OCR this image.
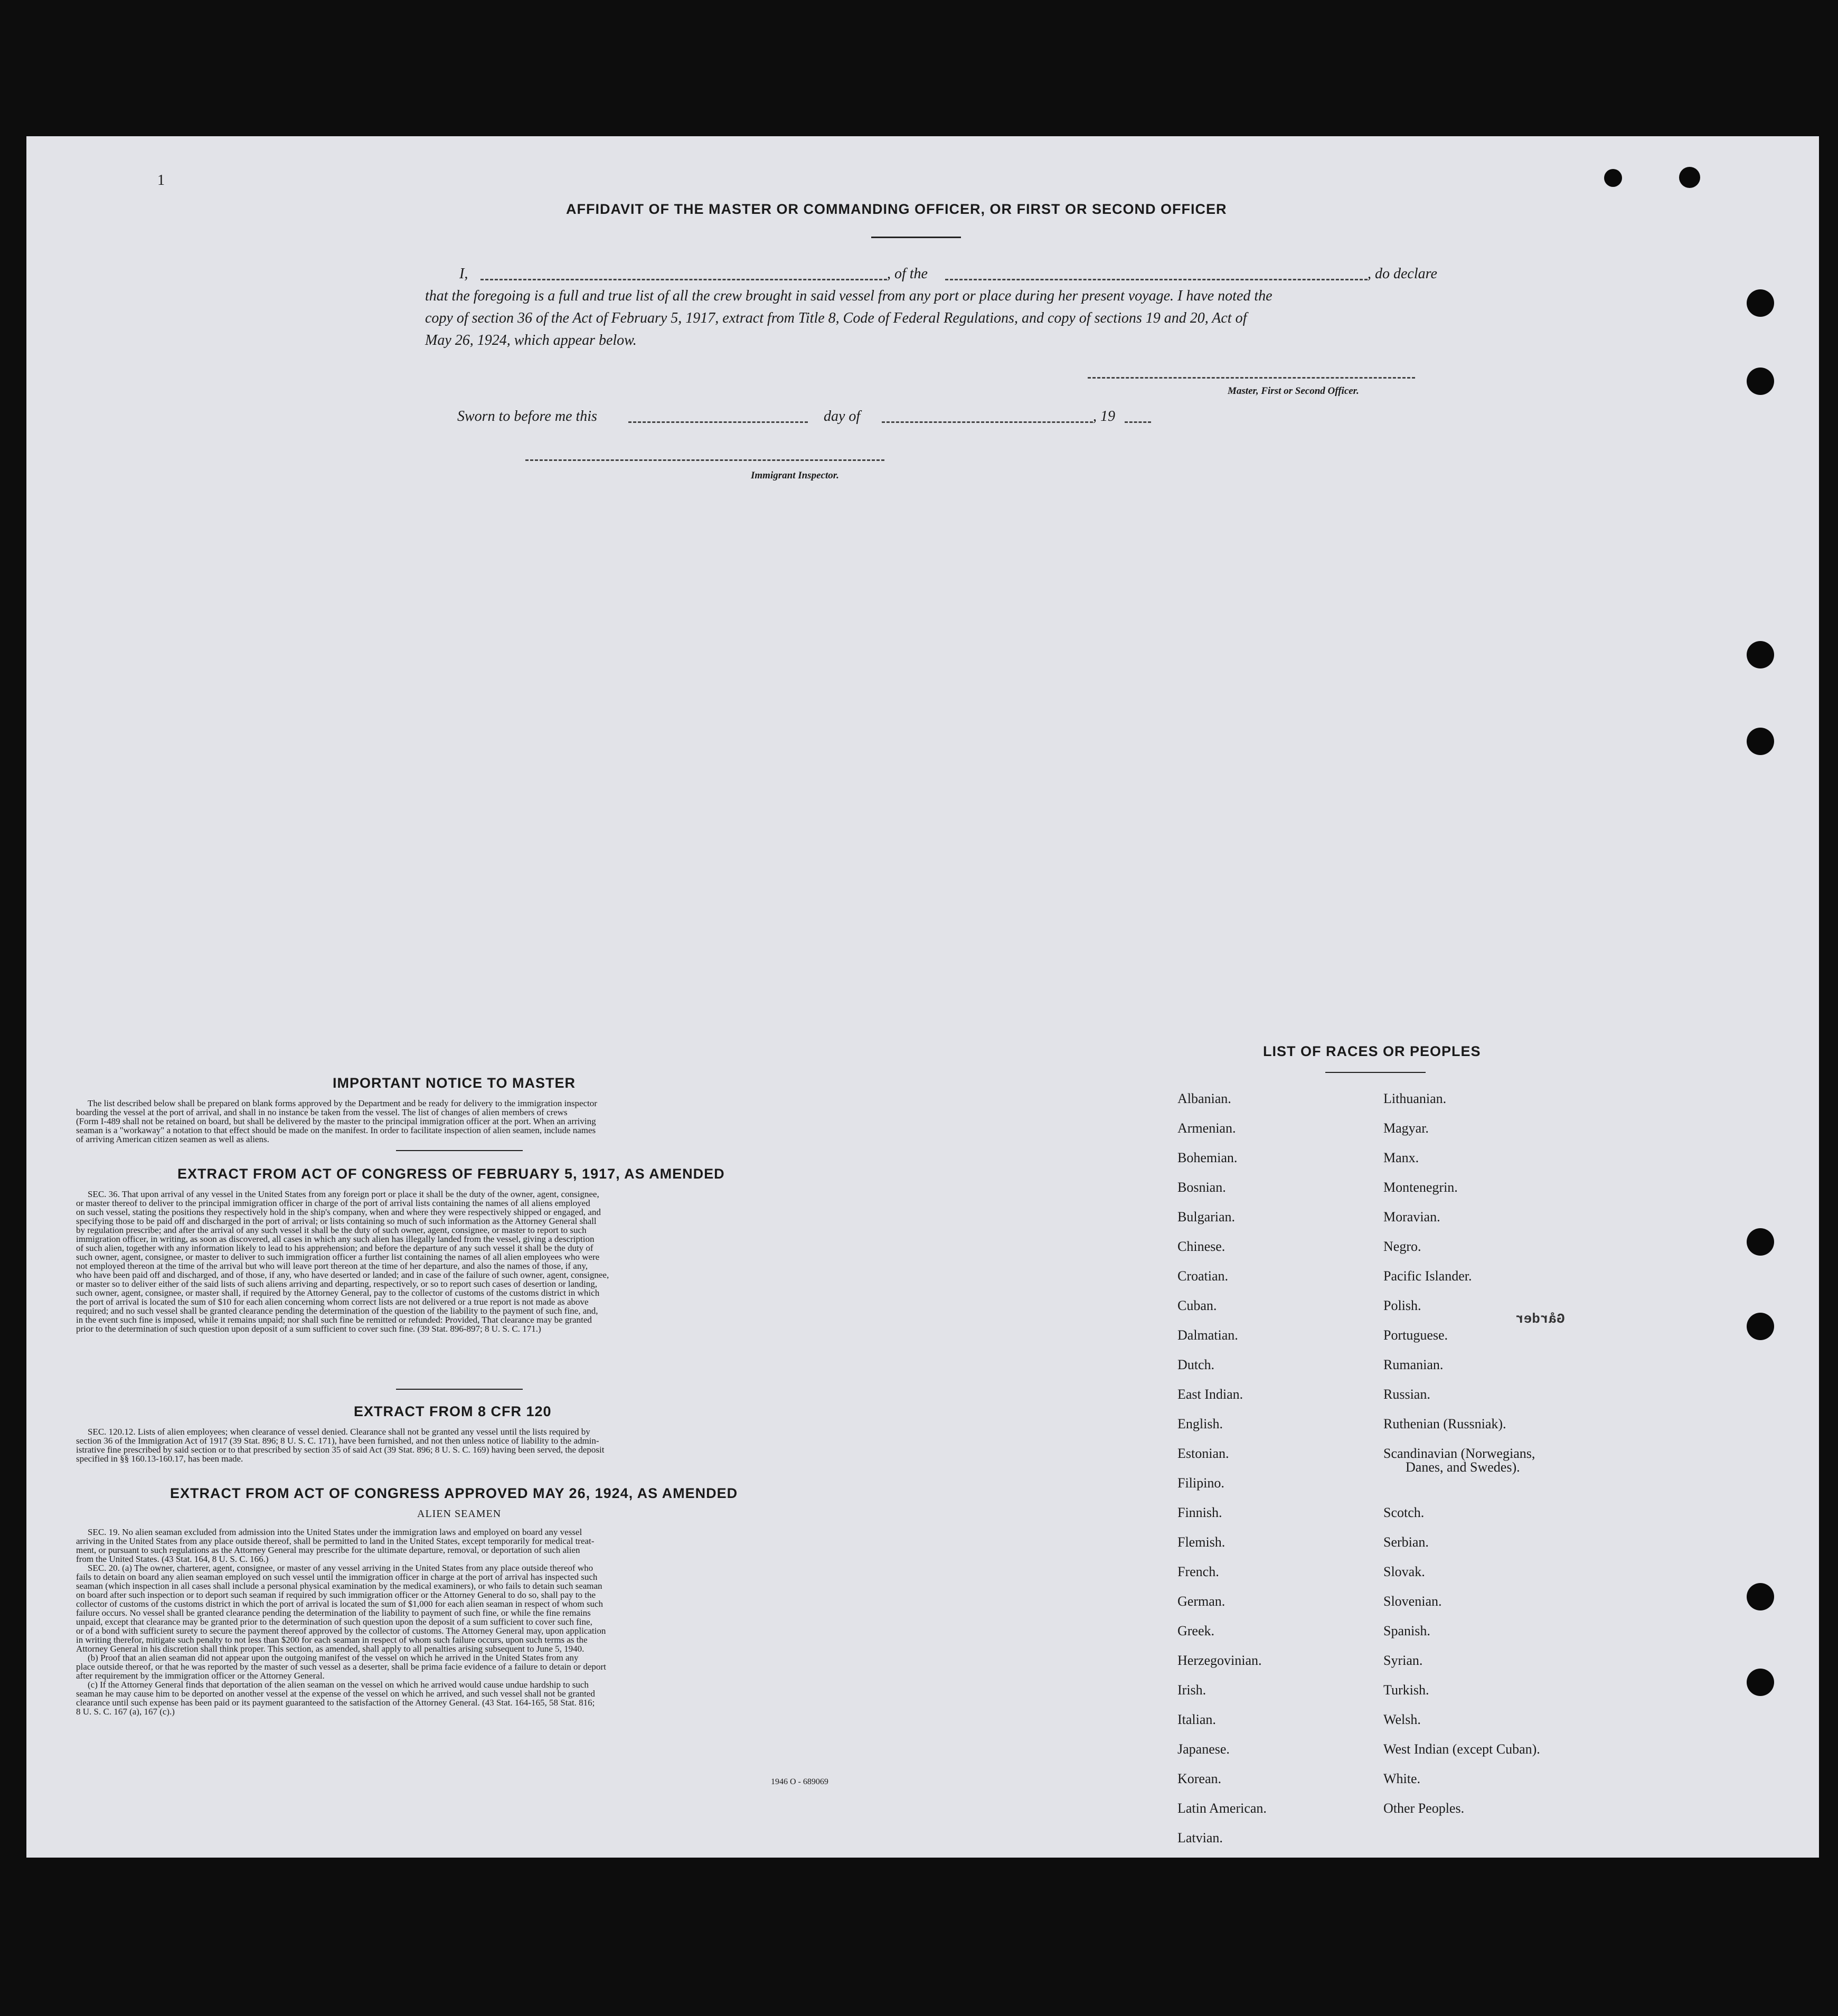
Gårder
1
AFFIDAVIT OF THE MASTER OR COMMANDING OFFICER, OR FIRST OR SECOND OFFICER
I,	, of the	, do declare
that the foregoing is a full and true list of all the crew brought in said vessel from any port or place during her present voyage. I have noted the
copy of section 36 of the Act of February 5, 1917, extract from Title 8, Code of Federal Regulations, and copy of sections 19 and 20, Act of
May 26, 1924, which appear below.
Master, First or Second Officer.
Sworn to before me this	day of	, 19
Immigrant Inspector.
IMPORTANT NOTICE TO MASTER
The list described below shall be prepared on blank forms approved by the Department and be ready for delivery to the immigration inspector
boarding the vessel at the port of arrival, and shall in no instance be taken from the vessel. The list of changes of alien members of crews
(Form I-489 shall not be retained on board, but shall be delivered by the master to the principal immigration officer at the port. When an arriving
seaman is a "workaway" a notation to that effect should be made on the manifest. In order to facilitate inspection of alien seamen, include names
of arriving American citizen seamen as well as aliens.
EXTRACT FROM ACT OF CONGRESS OF FEBRUARY 5, 1917, AS AMENDED
SEC. 36. That upon arrival of any vessel in the United States from any foreign port or place it shall be the duty of the owner, agent, consignee,
or master thereof to deliver to the principal immigration officer in charge of the port of arrival lists containing the names of all aliens employed
on such vessel, stating the positions they respectively hold in the ship's company, when and where they were respectively shipped or engaged, and
specifying those to be paid off and discharged in the port of arrival; or lists containing so much of such information as the Attorney General shall
by regulation prescribe; and after the arrival of any such vessel it shall be the duty of such owner, agent, consignee, or master to report to such
immigration officer, in writing, as soon as discovered, all cases in which any such alien has illegally landed from the vessel, giving a description
of such alien, together with any information likely to lead to his apprehension; and before the departure of any such vessel it shall be the duty of
such owner, agent, consignee, or master to deliver to such immigration officer a further list containing the names of all alien employees who were
not employed thereon at the time of the arrival but who will leave port thereon at the time of her departure, and also the names of those, if any,
who have been paid off and discharged, and of those, if any, who have deserted or landed; and in case of the failure of such owner, agent, consignee,
or master so to deliver either of the said lists of such aliens arriving and departing, respectively, or so to report such cases of desertion or landing,
such owner, agent, consignee, or master shall, if required by the Attorney General, pay to the collector of customs of the customs district in which
the port of arrival is located the sum of $10 for each alien concerning whom correct lists are not delivered or a true report is not made as above
required; and no such vessel shall be granted clearance pending the determination of the question of the liability to the payment of such fine, and,
in the event such fine is imposed, while it remains unpaid; nor shall such fine be remitted or refunded: Provided, That clearance may be granted
prior to the determination of such question upon deposit of a sum sufficient to cover such fine. (39 Stat. 896-897; 8 U. S. C. 171.)
EXTRACT FROM 8 CFR 120
SEC. 120.12. Lists of alien employees; when clearance of vessel denied. Clearance shall not be granted any vessel until the lists required by
section 36 of the Immigration Act of 1917 (39 Stat. 896; 8 U. S. C. 171), have been furnished, and not then unless notice of liability to the admin-
istrative fine prescribed by said section or to that prescribed by section 35 of said Act (39 Stat. 896; 8 U. S. C. 169) having been served, the deposit
specified in §§ 160.13-160.17, has been made.
EXTRACT FROM ACT OF CONGRESS APPROVED MAY 26, 1924, AS AMENDED
ALIEN SEAMEN
SEC. 19. No alien seaman excluded from admission into the United States under the immigration laws and employed on board any vessel
arriving in the United States from any place outside thereof, shall be permitted to land in the United States, except temporarily for medical treat-
ment, or pursuant to such regulations as the Attorney General may prescribe for the ultimate departure, removal, or deportation of such alien
from the United States. (43 Stat. 164, 8 U. S. C. 166.)
SEC. 20. (a) The owner, charterer, agent, consignee, or master of any vessel arriving in the United States from any place outside thereof who
fails to detain on board any alien seaman employed on such vessel until the immigration officer in charge at the port of arrival has inspected such
seaman (which inspection in all cases shall include a personal physical examination by the medical examiners), or who fails to detain such seaman
on board after such inspection or to deport such seaman if required by such immigration officer or the Attorney General to do so, shall pay to the
collector of customs of the customs district in which the port of arrival is located the sum of $1,000 for each alien seaman in respect of whom such
failure occurs. No vessel shall be granted clearance pending the determination of the liability to payment of such fine, or while the fine remains
unpaid, except that clearance may be granted prior to the determination of such question upon the deposit of a sum sufficient to cover such fine,
or of a bond with sufficient surety to secure the payment thereof approved by the collector of customs. The Attorney General may, upon application
in writing therefor, mitigate such penalty to not less than $200 for each seaman in respect of whom such failure occurs, upon such terms as the
Attorney General in his discretion shall think proper. This section, as amended, shall apply to all penalties arising subsequent to June 5, 1940.
(b) Proof that an alien seaman did not appear upon the outgoing manifest of the vessel on which he arrived in the United States from any
place outside thereof, or that he was reported by the master of such vessel as a deserter, shall be prima facie evidence of a failure to detain or deport
after requirement by the immigration officer or the Attorney General.
(c) If the Attorney General finds that deportation of the alien seaman on the vessel on which he arrived would cause undue hardship to such
seaman he may cause him to be deported on another vessel at the expense of the vessel on which he arrived, and such vessel shall not be granted
clearance until such expense has been paid or its payment guaranteed to the satisfaction of the Attorney General. (43 Stat. 164-165, 58 Stat. 816;
8 U. S. C. 167 (a), 167 (c).)
1946 O - 689069
LIST OF RACES OR PEOPLES
Albanian.
Armenian.
Bohemian.
Bosnian.
Bulgarian.
Chinese.
Croatian.
Cuban.
Dalmatian.
Dutch.
East Indian.
English.
Estonian.
Filipino.
Finnish.
Flemish.
French.
German.
Greek.
Herzegovinian.
Irish.
Italian.
Japanese.
Korean.
Latin American.
Latvian.
Lithuanian.
Magyar.
Manx.
Montenegrin.
Moravian.
Negro.
Pacific Islander.
Polish.
Portuguese.
Rumanian.
Russian.
Ruthenian (Russniak).
Scandinavian (Norwegians,
Danes, and Swedes).
Scotch.
Serbian.
Slovak.
Slovenian.
Spanish.
Syrian.
Turkish.
Welsh.
West Indian (except Cuban).
White.
Other Peoples.
